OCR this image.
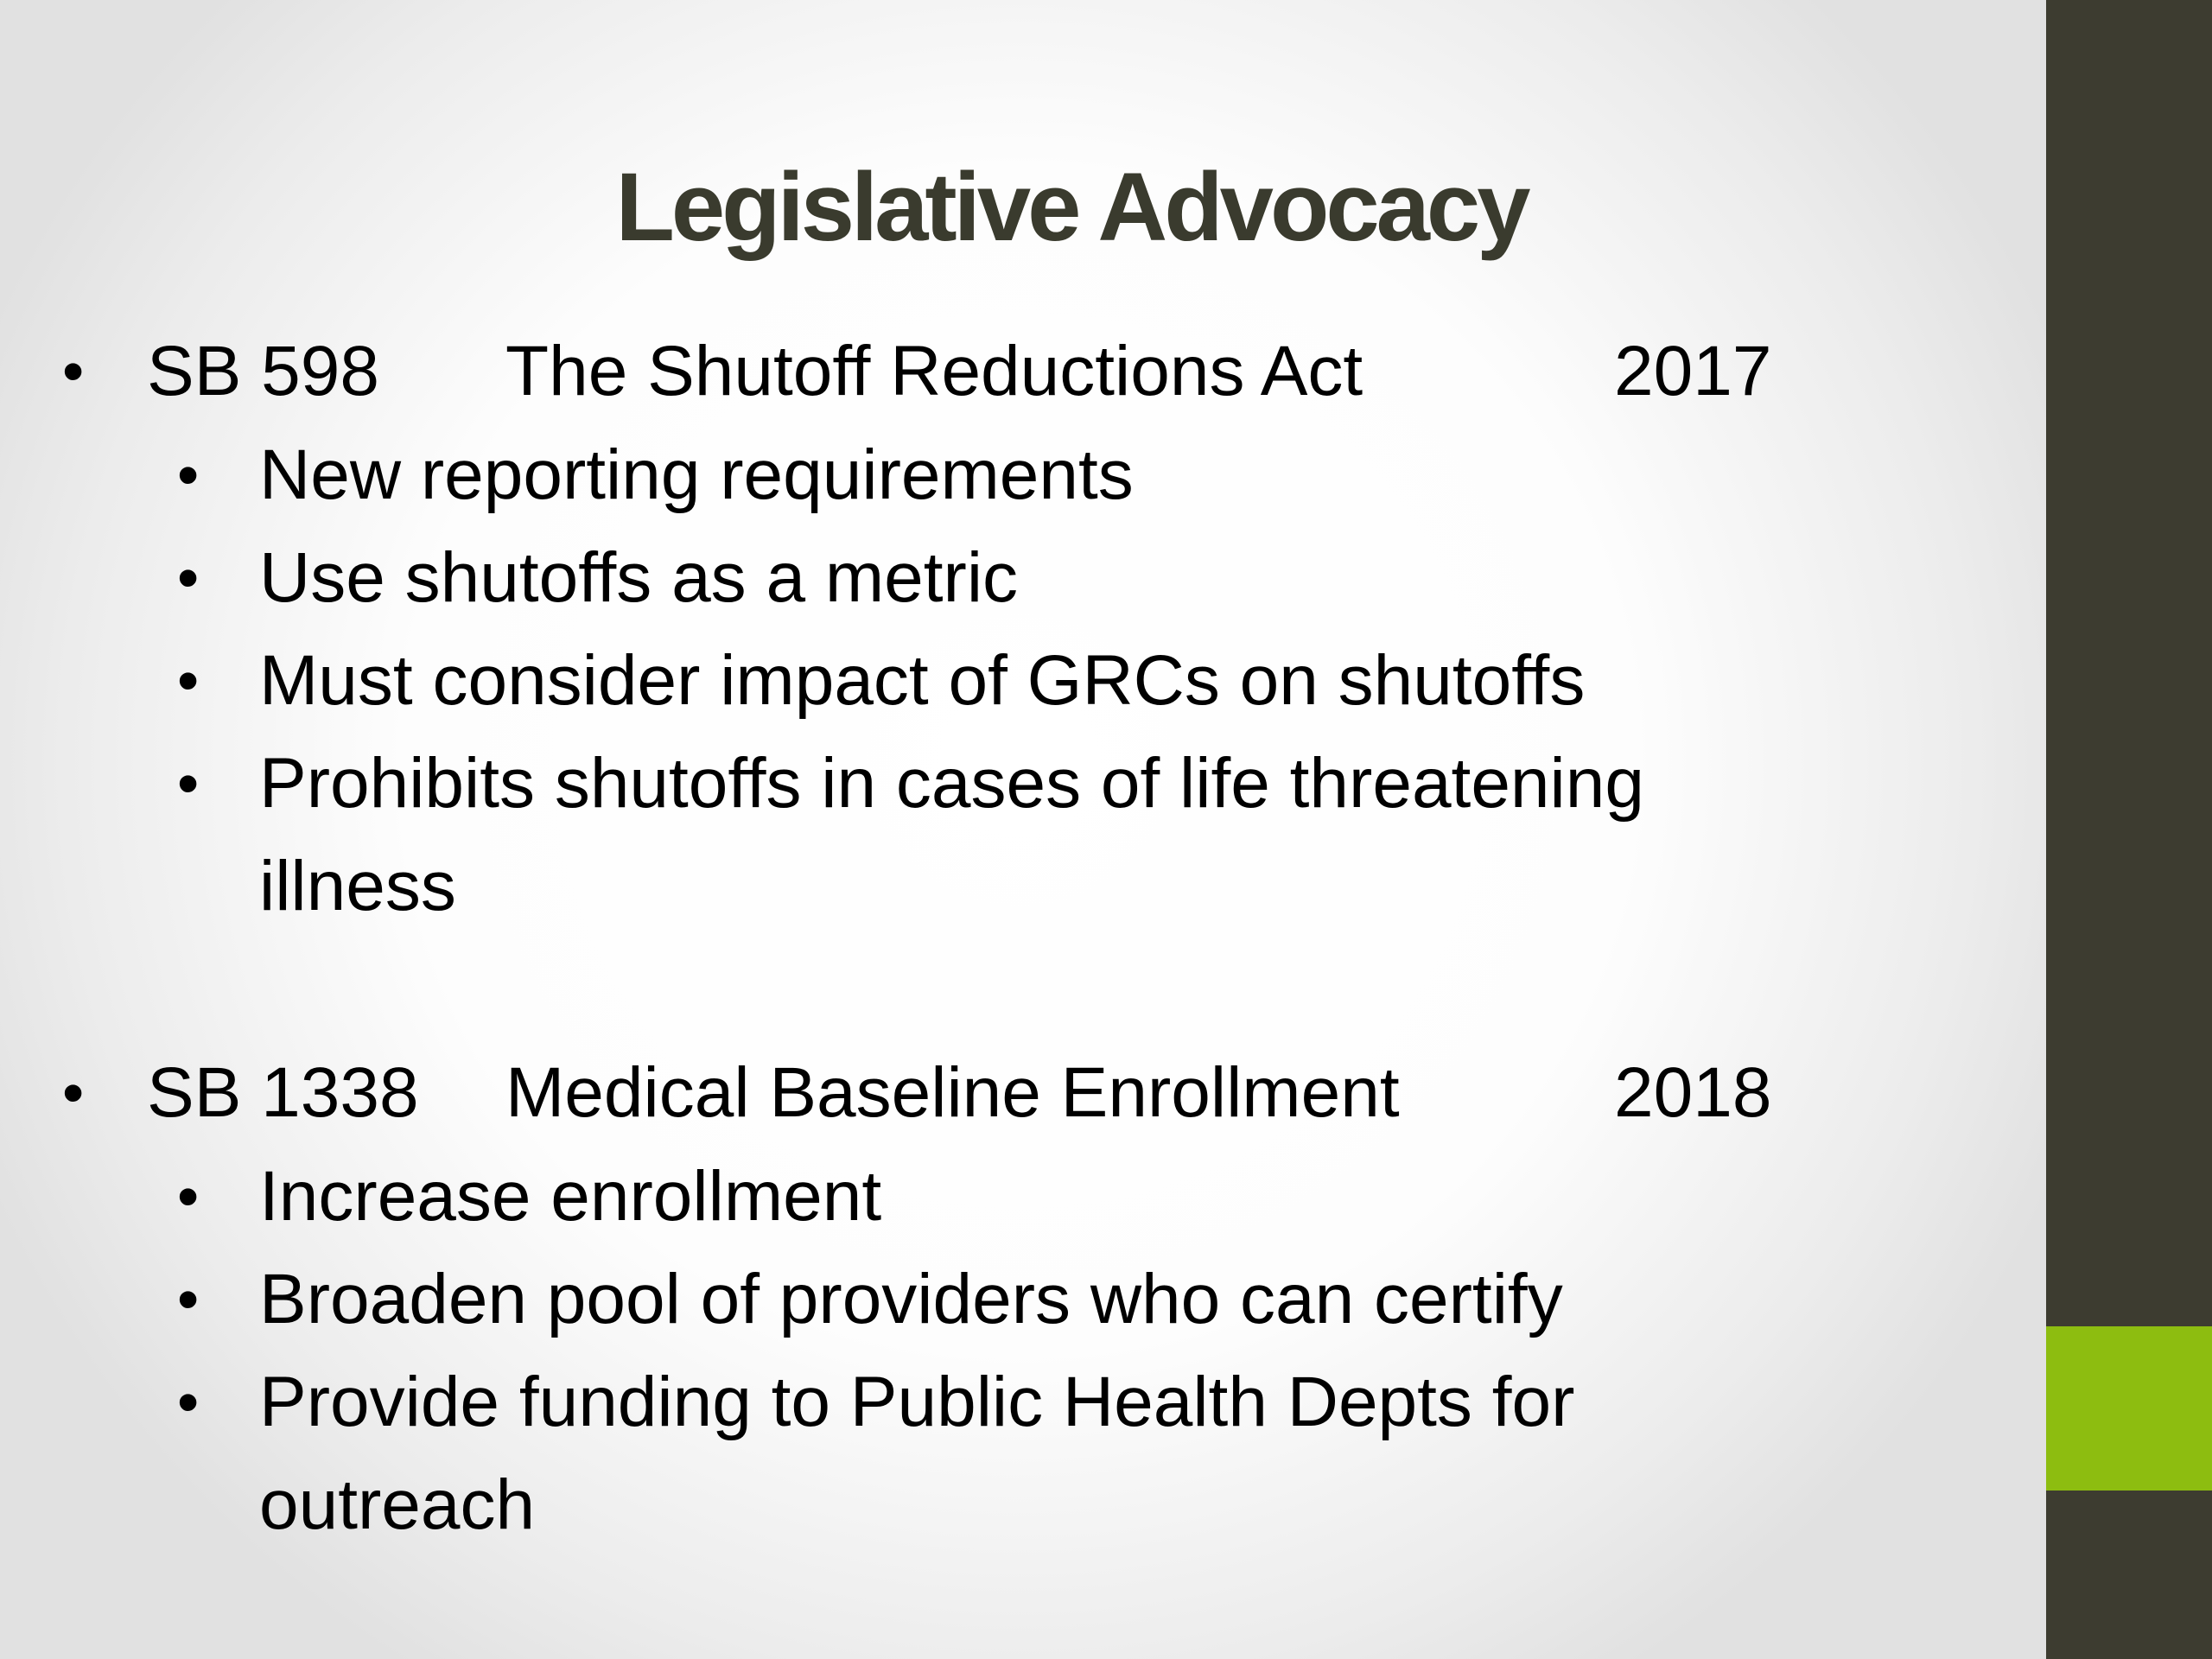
Legislative Advocacy
• SB 598 The Shutoff Reductions Act	2017
• New reporting requirements
• Use shutoffs as a metric
• Must consider impact of GRCs on shutoffs
• Prohibits shutoffs in cases of life threatening
illness
• SB 1338 Medical Baseline Enrollment	2018
• Increase enrollment
• Broaden pool of providers who can certify
• Provide funding to Public Health Depts for
outreach
